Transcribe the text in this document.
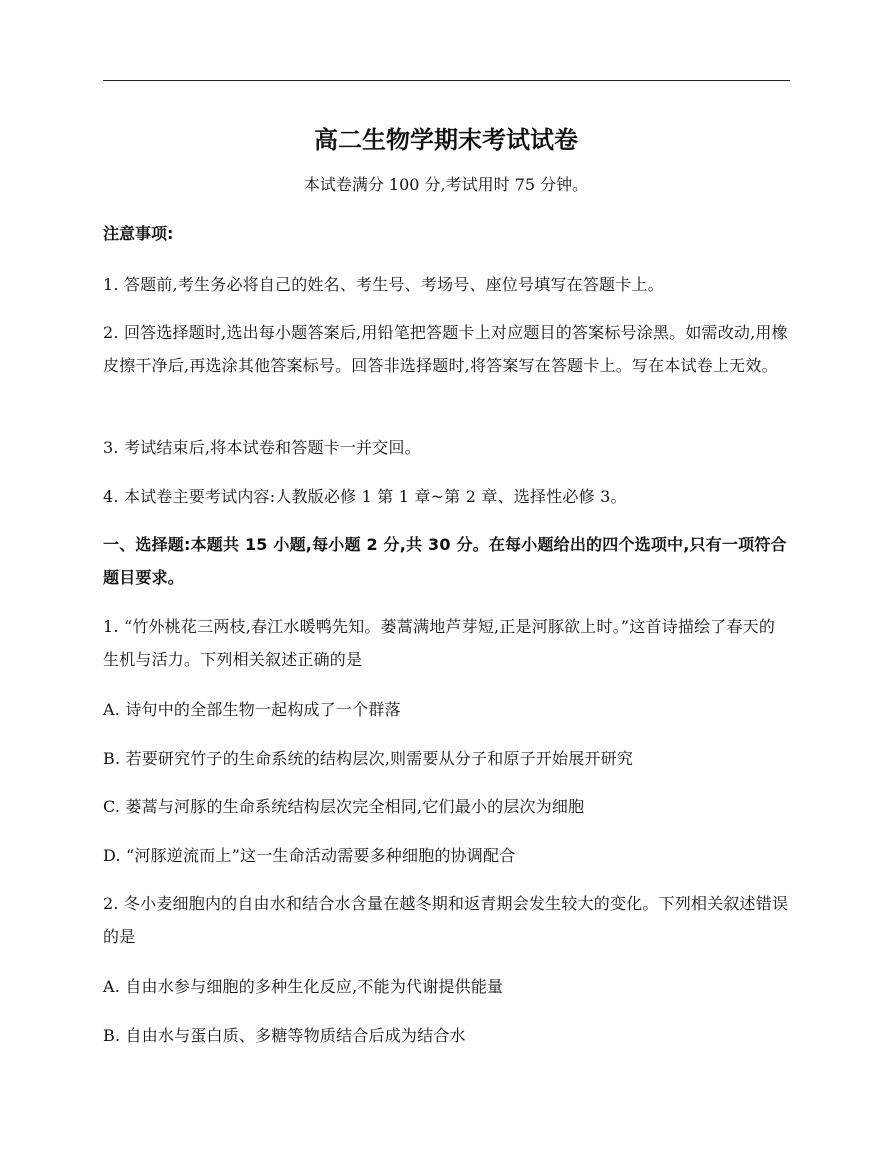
高二生物学期末考试试卷
本试卷满分 100 分,考试用时 75 分钟。
注意事项:
1. 答题前,考生务必将自己的姓名、考生号、考场号、座位号填写在答题卡上。
2. 回答选择题时,选出每小题答案后,用铅笔把答题卡上对应题目的答案标号涂黑。如需改动,用橡皮擦干净后,再选涂其他答案标号。回答非选择题时,将答案写在答题卡上。写在本试卷上无效。
3. 考试结束后,将本试卷和答题卡一并交回。
4. 本试卷主要考试内容:人教版必修 1 第 1 章~第 2 章、选择性必修 3。
一、选择题:本题共 15 小题,每小题 2 分,共 30 分。在每小题给出的四个选项中,只有一项符合题目要求。
1. “竹外桃花三两枝,春江水暖鸭先知。蒌蒿满地芦芽短,正是河豚欲上时。”这首诗描绘了春天的生机与活力。下列相关叙述正确的是
A. 诗句中的全部生物一起构成了一个群落
B. 若要研究竹子的生命系统的结构层次,则需要从分子和原子开始展开研究
C. 蒌蒿与河豚的生命系统结构层次完全相同,它们最小的层次为细胞
D. “河豚逆流而上”这一生命活动需要多种细胞的协调配合
2. 冬小麦细胞内的自由水和结合水含量在越冬期和返青期会发生较大的变化。下列相关叙述错误的是
A. 自由水参与细胞的多种生化反应,不能为代谢提供能量
B. 自由水与蛋白质、多糖等物质结合后成为结合水
